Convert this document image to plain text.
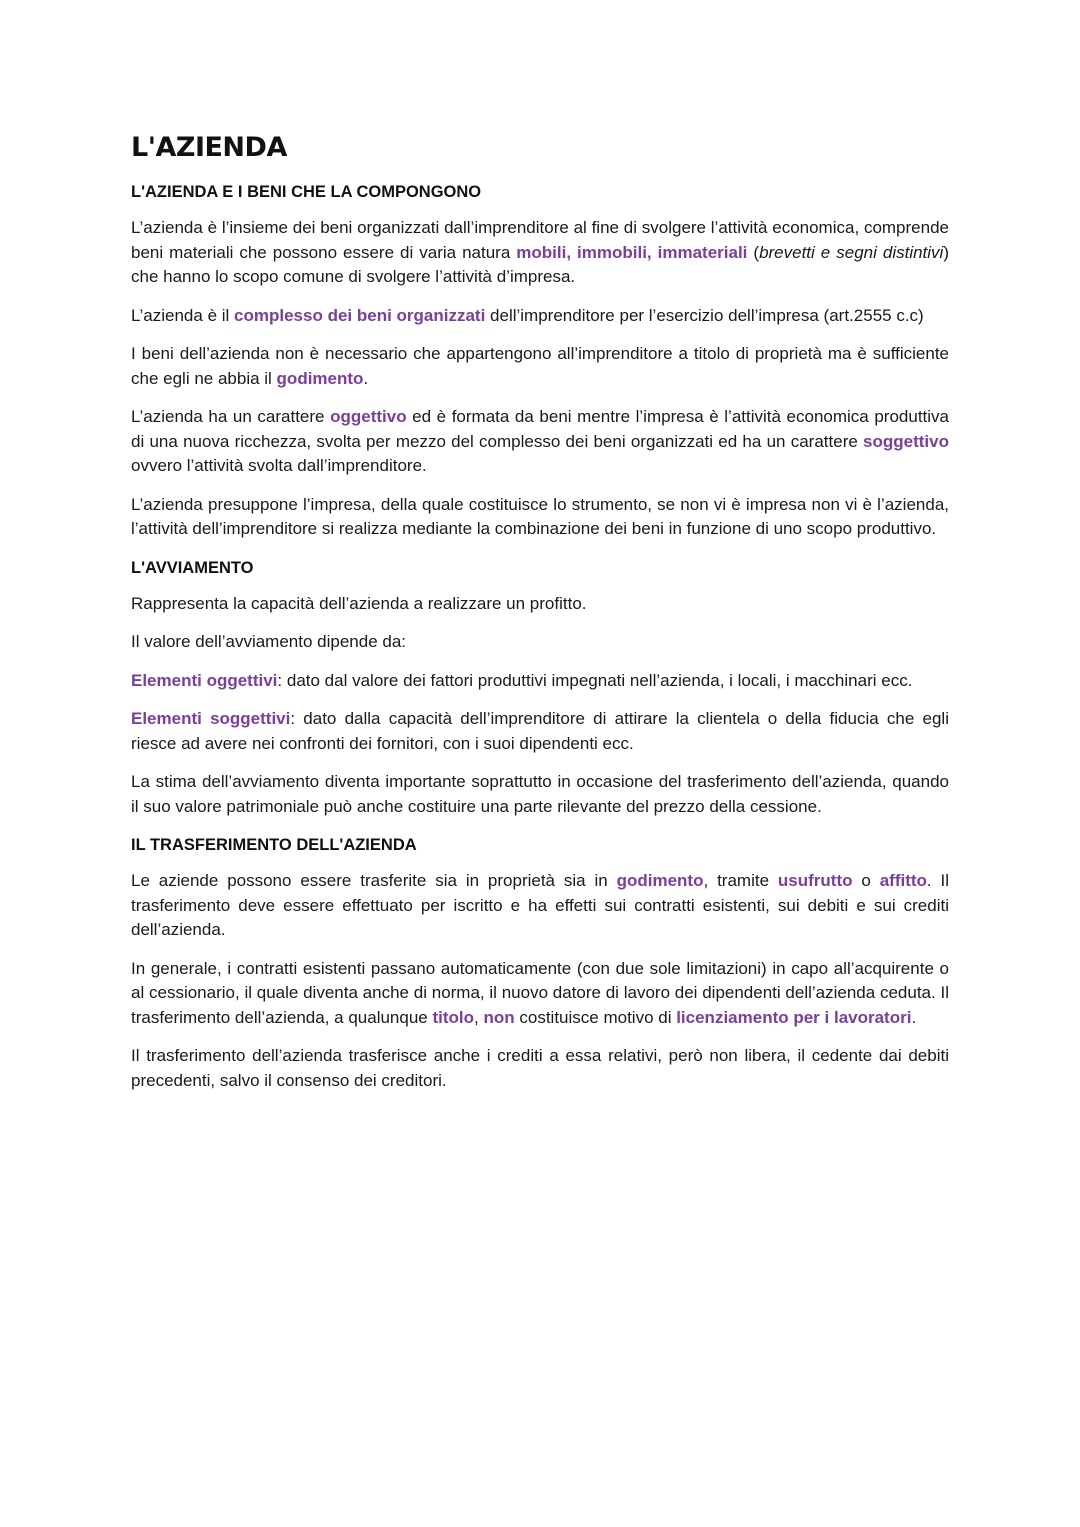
L'AZIENDA
L'AZIENDA E I BENI CHE LA COMPONGONO

L’azienda è l’insieme dei beni organizzati dall’imprenditore al fine di svolgere l’attività economica, comprende beni materiali che possono essere di varia natura mobili, immobili, immateriali (brevetti e segni distintivi) che hanno lo scopo comune di svolgere l’attività d’impresa.

L’azienda è il complesso dei beni organizzati dell’imprenditore per l’esercizio dell’impresa (art.2555 c.c)

I beni dell’azienda non è necessario che appartengono all’imprenditore a titolo di proprietà ma è sufficiente che egli ne abbia il godimento.

L’azienda ha un carattere oggettivo ed è formata da beni mentre l’impresa è l’attività economica produttiva di una nuova ricchezza, svolta per mezzo del complesso dei beni organizzati ed ha un carattere soggettivo ovvero l’attività svolta dall’imprenditore.

L’azienda presuppone l’impresa, della quale costituisce lo strumento, se non vi è impresa non vi è l’azienda, l’attività dell’imprenditore si realizza mediante la combinazione dei beni in funzione di uno scopo produttivo.

L'AVVIAMENTO

Rappresenta la capacità dell’azienda a realizzare un profitto.

Il valore dell’avviamento dipende da:

Elementi oggettivi: dato dal valore dei fattori produttivi impegnati nell’azienda, i locali, i macchinari ecc.

Elementi soggettivi: dato dalla capacità dell’imprenditore di attirare la clientela o della fiducia che egli riesce ad avere nei confronti dei fornitori, con i suoi dipendenti ecc.

La stima dell’avviamento diventa importante soprattutto in occasione del trasferimento dell’azienda, quando il suo valore patrimoniale può anche costituire una parte rilevante del prezzo della cessione.

IL TRASFERIMENTO DELL'AZIENDA

Le aziende possono essere trasferite sia in proprietà sia in godimento, tramite usufrutto o affitto. Il trasferimento deve essere effettuato per iscritto e ha effetti sui contratti esistenti, sui debiti e sui crediti dell’azienda.

In generale, i contratti esistenti passano automaticamente (con due sole limitazioni) in capo all’acquirente o al cessionario, il quale diventa anche di norma, il nuovo datore di lavoro dei dipendenti dell’azienda ceduta. Il trasferimento dell’azienda, a qualunque titolo, non costituisce motivo di licenziamento per i lavoratori.

Il trasferimento dell’azienda trasferisce anche i crediti a essa relativi, però non libera, il cedente dai debiti precedenti, salvo il consenso dei creditori.
